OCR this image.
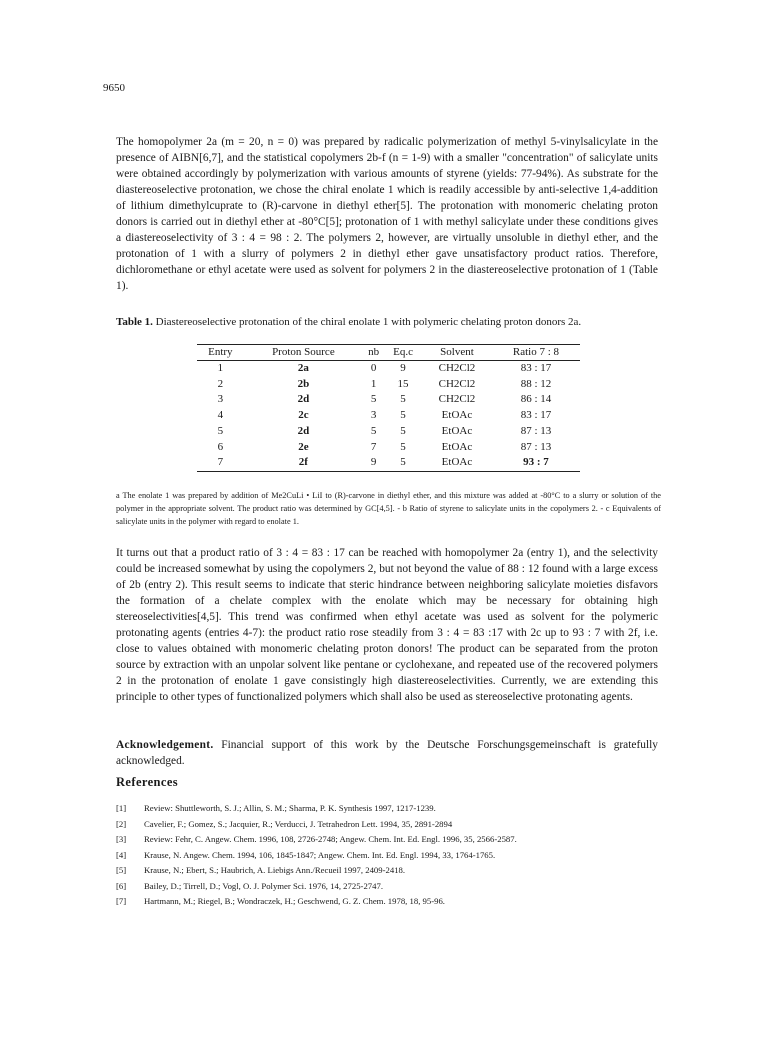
9650

The homopolymer 2a (m = 20, n = 0) was prepared by radicalic polymerization of methyl 5-vinylsalicylate in the presence of AIBN[6,7], and the statistical copolymers 2b-f (n = 1-9) with a smaller "concentration" of salicylate units were obtained accordingly by polymerization with various amounts of styrene (yields: 77-94%). As substrate for the diastereoselective protonation, we chose the chiral enolate 1 which is readily accessible by anti-selective 1,4-addition of lithium dimethylcuprate to (R)-carvone in diethyl ether[5]. The protonation with monomeric chelating proton donors is carried out in diethyl ether at -80°C[5]; protonation of 1 with methyl salicylate under these conditions gives a diastereoselectivity of 3 : 4 = 98 : 2. The polymers 2, however, are virtually unsoluble in diethyl ether, and the protonation of 1 with a slurry of polymers 2 in diethyl ether gave unsatisfactory product ratios. Therefore, dichloromethane or ethyl acetate were used as solvent for polymers 2 in the diastereoselective protonation of 1 (Table 1).

Table 1. Diastereoselective protonation of the chiral enolate 1 with polymeric chelating proton donors 2a.
Entry	Proton Source	nb	Eq.c	Solvent	Ratio 7 : 8
1	2a	0	9	CH2Cl2	83 : 17
2	2b	1	15	CH2Cl2	88 : 12
3	2d	5	5	CH2Cl2	86 : 14
4	2c	3	5	EtOAc	83 : 17
5	2d	5	5	EtOAc	87 : 13
6	2e	7	5	EtOAc	87 : 13
7	2f	9	5	EtOAc	93 : 7
a The enolate 1 was prepared by addition of Me2CuLi • LiI to (R)-carvone in diethyl ether, and this mixture was added at -80°C to a slurry or solution of the polymer in the appropriate solvent. The product ratio was determined by GC[4,5]. - b Ratio of styrene to salicylate units in the copolymers 2. - c Equivalents of salicylate units in the polymer with regard to enolate 1.

It turns out that a product ratio of 3 : 4 = 83 : 17 can be reached with homopolymer 2a (entry 1), and the selectivity could be increased somewhat by using the copolymers 2, but not beyond the value of 88 : 12 found with a large excess of 2b (entry 2). This result seems to indicate that steric hindrance between neighboring salicylate moieties disfavors the formation of a chelate complex with the enolate which may be necessary for obtaining high stereoselectivities[4,5]. This trend was confirmed when ethyl acetate was used as solvent for the polymeric protonating agents (entries 4-7): the product ratio rose steadily from 3 : 4 = 83 :17 with 2c up to 93 : 7 with 2f, i.e. close to values obtained with monomeric chelating proton donors! The product can be separated from the proton source by extraction with an unpolar solvent like pentane or cyclohexane, and repeated use of the recovered polymers 2 in the protonation of enolate 1 gave consistingly high diastereoselectivities. Currently, we are extending this principle to other types of functionalized polymers which shall also be used as stereoselective protonating agents.

Acknowledgement. Financial support of this work by the Deutsche Forschungsgemeinschaft is gratefully acknowledged.

References
[1]	Review: Shuttleworth, S. J.; Allin, S. M.; Sharma, P. K. Synthesis 1997, 1217-1239.
[2]	Cavelier, F.; Gomez, S.; Jacquier, R.; Verducci, J. Tetrahedron Lett. 1994, 35, 2891-2894
[3]	Review: Fehr, C. Angew. Chem. 1996, 108, 2726-2748; Angew. Chem. Int. Ed. Engl. 1996, 35, 2566-2587.
[4]	Krause, N. Angew. Chem. 1994, 106, 1845-1847; Angew. Chem. Int. Ed. Engl. 1994, 33, 1764-1765.
[5]	Krause, N.; Ebert, S.; Haubrich, A. Liebigs Ann./Recueil 1997, 2409-2418.
[6]	Bailey, D.; Tirrell, D.; Vogl, O. J. Polymer Sci. 1976, 14, 2725-2747.
[7]	Hartmann, M.; Riegel, B.; Wondraczek, H.; Geschwend, G. Z. Chem. 1978, 18, 95-96.
